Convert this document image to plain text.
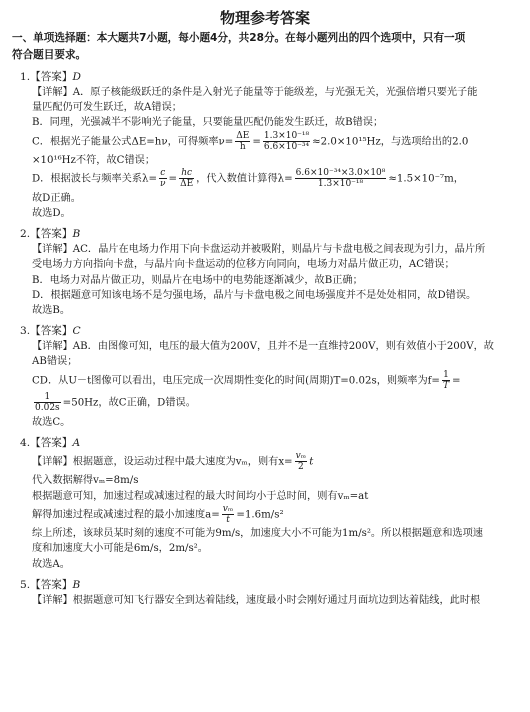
物理参考答案
一、单项选择题：本大题共7小题，每小题4分，共28分。在每小题列出的四个选项中，只有一项
符合题目要求。
1.【答案】D
【详解】A．原子核能级跃迁的条件是入射光子能量等于能级差，与光强无关，光强倍增只要光子能
量匹配仍可发生跃迁，故A错误；
B．同理，光强减半不影响光子能量，只要能量匹配仍能发生跃迁，故B错误；
C．根据光子能量公式ΔE=hν，可得频率$\nu= \frac{\Delta E}{h} = \frac{\text{1.3×10⁻¹⁸}}{\text{6.6×10⁻³⁴}} \approx 2.0\times 10^{15}Hz$，与选项给出的2.0
×10¹⁶Hz不符，故C错误；
D．根据波长与频率关系$\lambda= \frac{c}{\nu} = \frac{hc}{\Delta E}$ ，代入数值计算得$\lambda= \frac{\text{6.6×10⁻³⁴×3.0×10⁸}}{\text{1.3×10⁻¹⁸}} \approx 1.5\times 10^{-7}m$，
故D正确。
故选D。
2.【答案】B
【详解】AC．晶片在电场力作用下向卡盘运动并被吸附，则晶片与卡盘电极之间表现为引力，晶片所
受电场力方向指向卡盘，与晶片向卡盘运动的位移方向同向，电场力对晶片做正功，AC错误；
B．电场力对晶片做正功，则晶片在电场中的电势能逐渐减少，故B正确；
D．根据题意可知该电场不是匀强电场，晶片与卡盘电极之间电场强度并不是处处相同，故D错误。
故选B。
3.【答案】C
【详解】AB．由图像可知，电压的最大值为200V，且并不是一直维持200V，则有效值小于200V，故
AB错误；
CD．从U－t图像可以看出，电压完成一次周期性变化的时间(周期)T=0.02s，则频率为$f= \frac{1}{T}$ =
$\frac{1}{0.02s} =50Hz$，故C正确，D错误。
故选C。
4.【答案】A
【详解】根据题意，设运动过程中最大速度为vₘ，则有$x= \frac{\text{vₘ}}{2}$ t
代入数据解得vₘ=8m/s
根据题意可知，加速过程或减速过程的最大时间均小于总时间，则有vₘ=at
解得加速过程或减速过程的最小加速度$a= \frac{\text{vₘ}}{t} =1.6m/s^2$
综上所述，该球员某时刻的速度不可能为9m/s，加速度大小不可能为1m/s²。所以根据题意和选项速
度和加速度大小可能是6m/s，2m/s²。
故选A。
5.【答案】B
【详解】根据题意可知飞行器安全到达着陆线，速度最小时会刚好通过月面坑边到达着陆线，此时根
